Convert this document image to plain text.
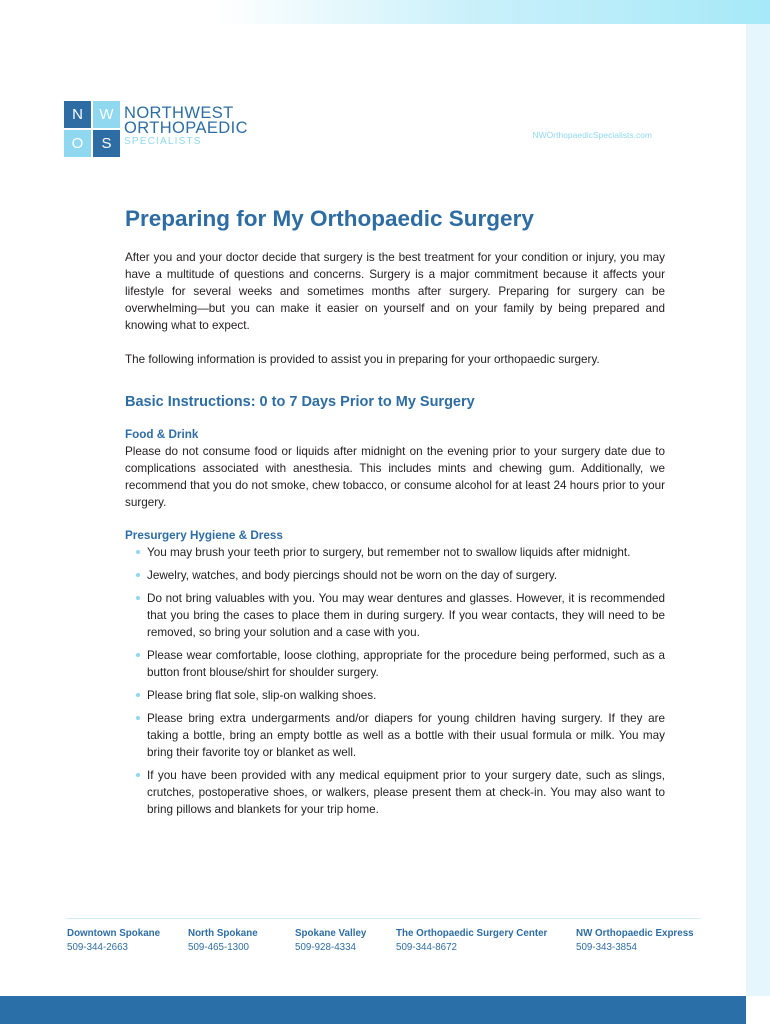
N	W
O	S
NORTHWEST
ORTHOPAEDIC
SPECIALISTS
NWOrthopaedicSpecialists.com
Preparing for My Orthopaedic Surgery

After you and your doctor decide that surgery is the best treatment for your condition or injury, you may have a multitude of questions and concerns. Surgery is a major commitment because it affects your lifestyle for several weeks and sometimes months after surgery. Preparing for surgery can be overwhelming—but you can make it easier on yourself and on your family by being prepared and knowing what to expect.

The following information is provided to assist you in preparing for your orthopaedic surgery.

Basic Instructions: 0 to 7 Days Prior to My Surgery
Food & Drink

Please do not consume food or liquids after midnight on the evening prior to your surgery date due to complications associated with anesthesia. This includes mints and chewing gum. Additionally, we recommend that you do not smoke, chew tobacco, or consume alcohol for at least 24 hours prior to your surgery.

Presurgery Hygiene & Dress
You may brush your teeth prior to surgery, but remember not to swallow liquids after midnight.
Jewelry, watches, and body piercings should not be worn on the day of surgery.
Do not bring valuables with you. You may wear dentures and glasses. However, it is recommended that you bring the cases to place them in during surgery. If you wear contacts, they will need to be removed, so bring your solution and a case with you.
Please wear comfortable, loose clothing, appropriate for the procedure being performed, such as a button front blouse/shirt for shoulder surgery.
Please bring flat sole, slip-on walking shoes.
Please bring extra undergarments and/or diapers for young children having surgery. If they are taking a bottle, bring an empty bottle as well as a bottle with their usual formula or milk. You may bring their favorite toy or blanket as well.
If you have been provided with any medical equipment prior to your surgery date, such as slings, crutches, postoperative shoes, or walkers, please present them at check-in. You may also want to bring pillows and blankets for your trip home.
Downtown Spokane
509-344-2663
North Spokane
509-465-1300
Spokane Valley
509-928-4334
The Orthopaedic Surgery Center
509-344-8672
NW Orthopaedic Express
509-343-3854
